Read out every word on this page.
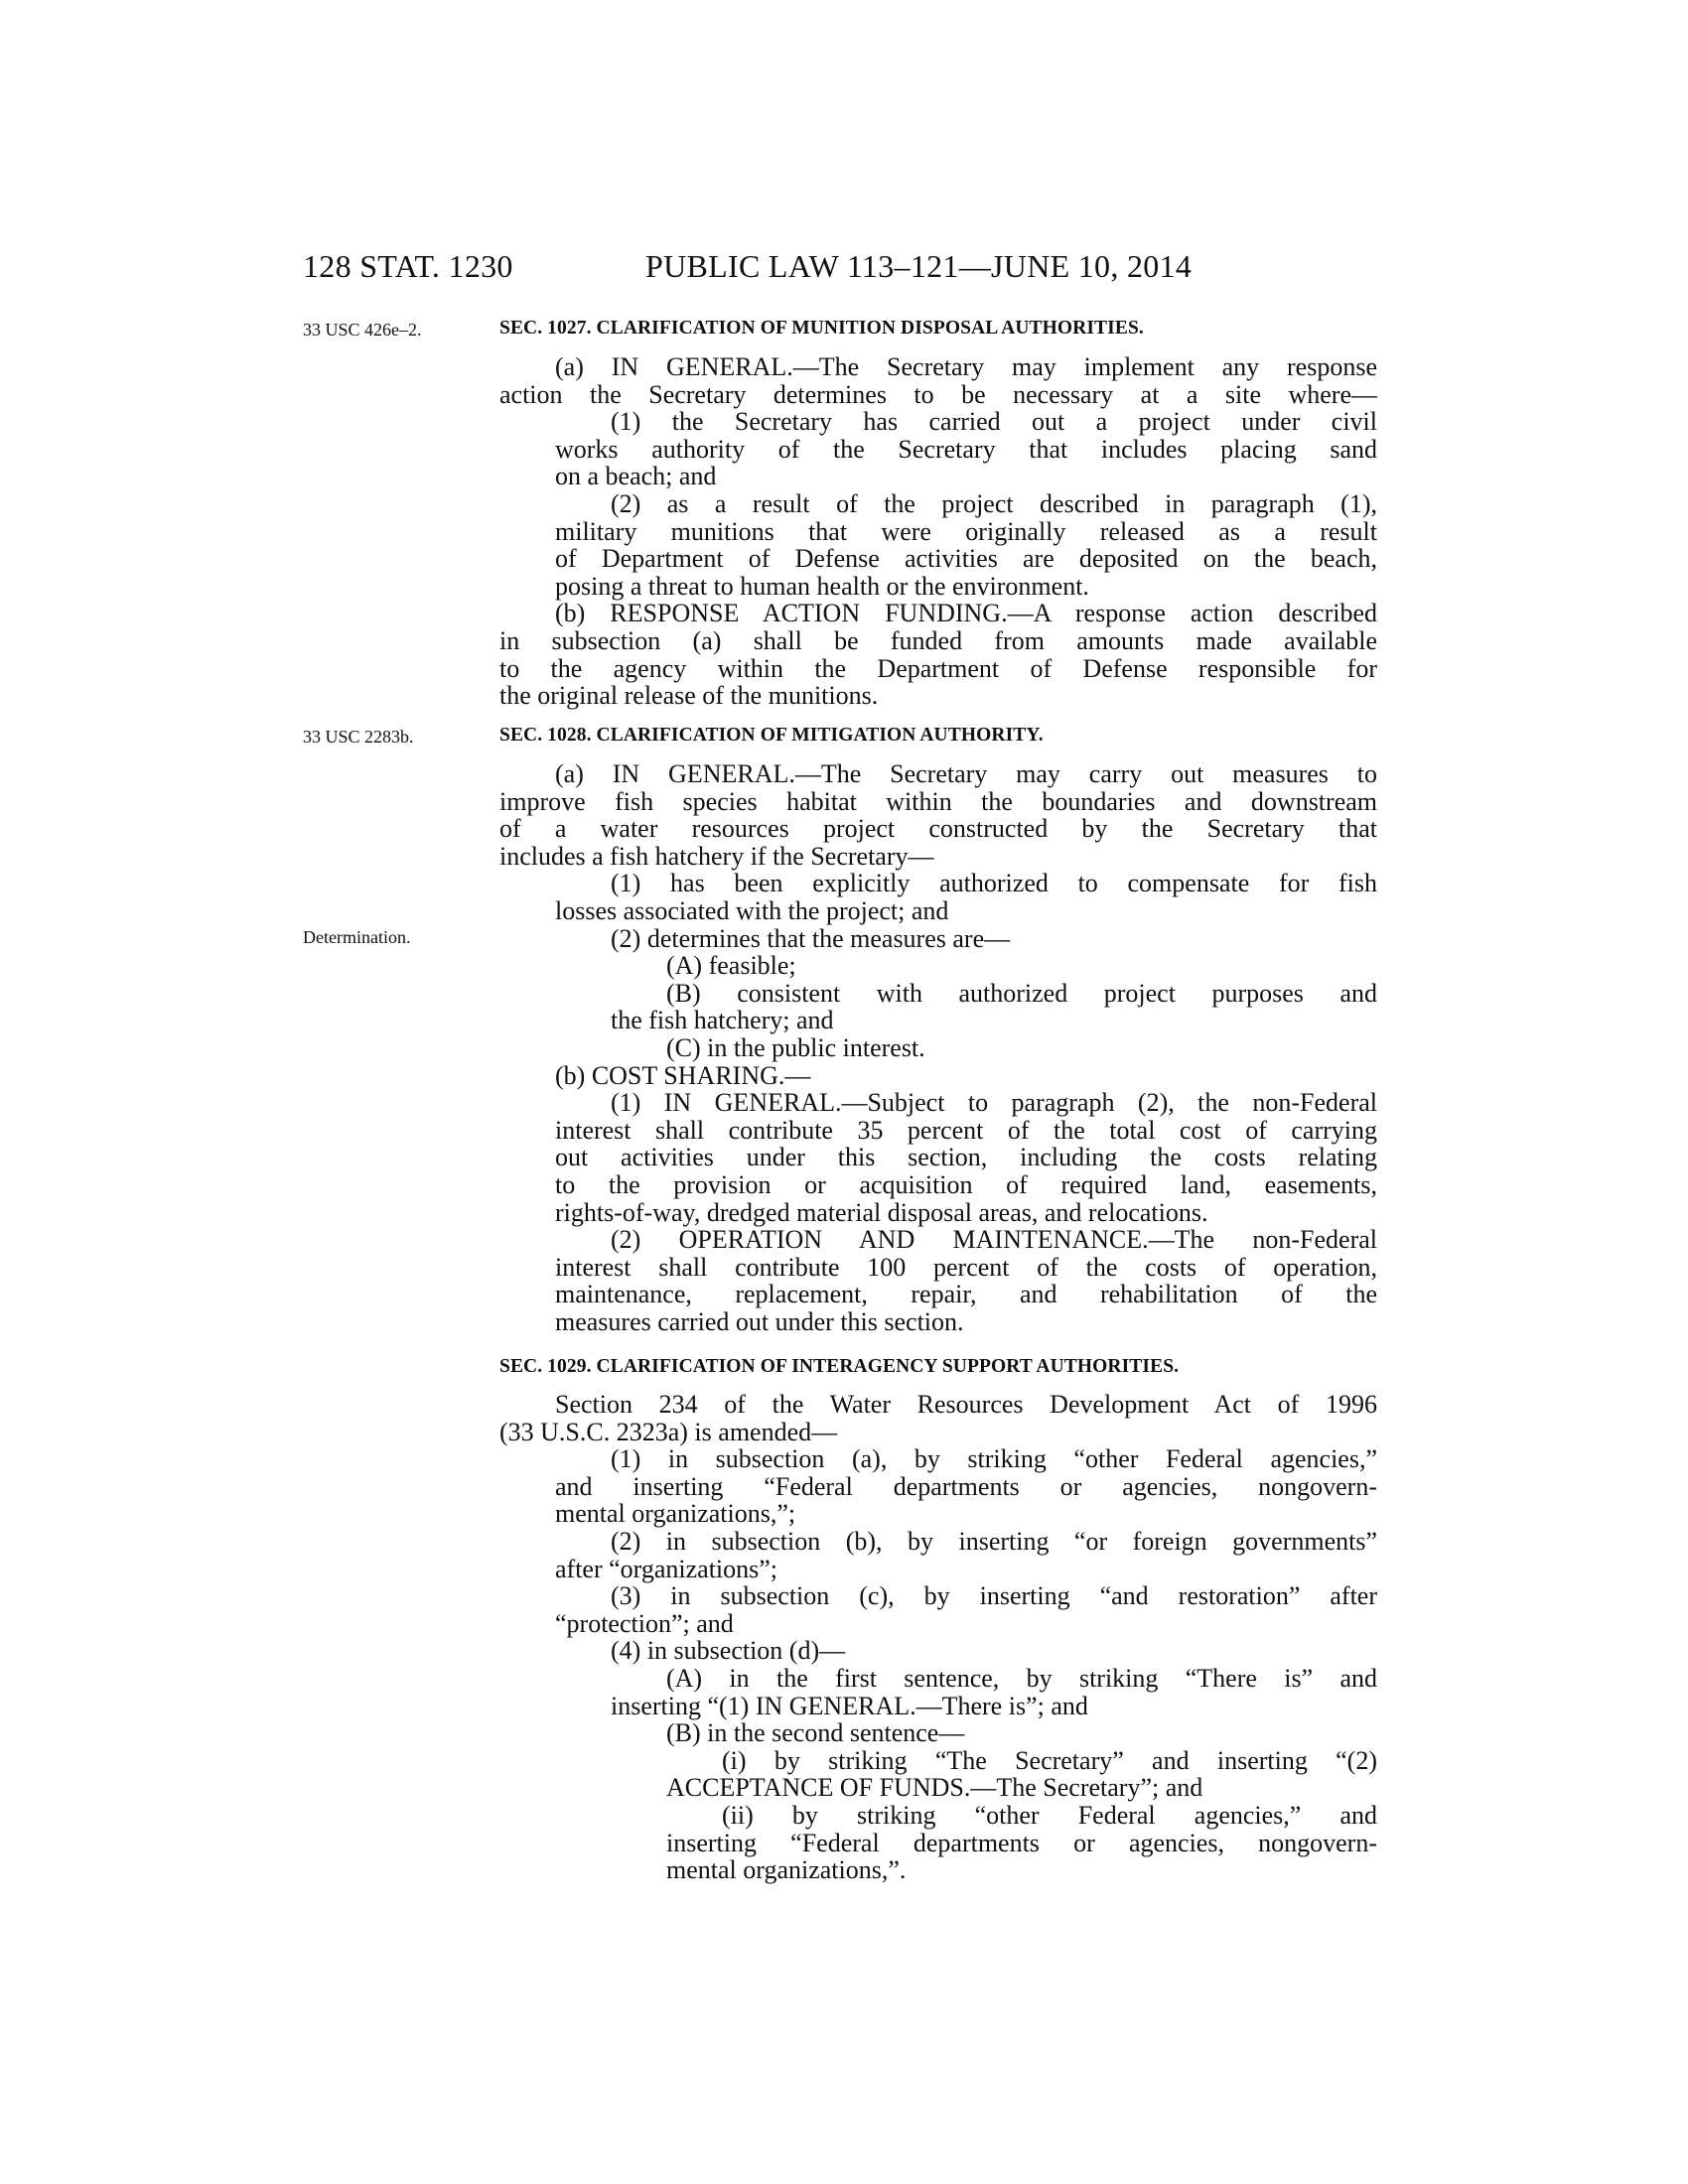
128 STAT. 1230	PUBLIC LAW 113–121—JUNE 10, 2014
33 USC 426e–2.	SEC. 1027. CLARIFICATION OF MUNITION DISPOSAL AUTHORITIES.
(a) IN GENERAL.—The Secretary may implement any response
action the Secretary determines to be necessary at a site where—
(1) the Secretary has carried out a project under civil
works authority of the Secretary that includes placing sand
on a beach; and
(2) as a result of the project described in paragraph (1),
military munitions that were originally released as a result
of Department of Defense activities are deposited on the beach,
posing a threat to human health or the environment.
(b) RESPONSE ACTION FUNDING.—A response action described
in subsection (a) shall be funded from amounts made available
to the agency within the Department of Defense responsible for
the original release of the munitions.
33 USC 2283b.	SEC. 1028. CLARIFICATION OF MITIGATION AUTHORITY.
Determination.
(a) IN GENERAL.—The Secretary may carry out measures to
improve fish species habitat within the boundaries and downstream
of a water resources project constructed by the Secretary that
includes a fish hatchery if the Secretary—
(1) has been explicitly authorized to compensate for fish
losses associated with the project; and
(2) determines that the measures are—
(A) feasible;
(B) consistent with authorized project purposes and
the fish hatchery; and
(C) in the public interest.
(b) COST SHARING.—
(1) IN GENERAL.—Subject to paragraph (2), the non-Federal
interest shall contribute 35 percent of the total cost of carrying
out activities under this section, including the costs relating
to the provision or acquisition of required land, easements,
rights-of-way, dredged material disposal areas, and relocations.
(2) OPERATION AND MAINTENANCE.—The non-Federal
interest shall contribute 100 percent of the costs of operation,
maintenance, replacement, repair, and rehabilitation of the
measures carried out under this section.
SEC. 1029. CLARIFICATION OF INTERAGENCY SUPPORT AUTHORITIES.
Section 234 of the Water Resources Development Act of 1996
(33 U.S.C. 2323a) is amended—
(1) in subsection (a), by striking “other Federal agencies,”
and inserting “Federal departments or agencies, nongovern-
mental organizations,”;
(2) in subsection (b), by inserting “or foreign governments”
after “organizations”;
(3) in subsection (c), by inserting “and restoration” after
“protection”; and
(4) in subsection (d)—
(A) in the first sentence, by striking “There is” and
inserting “(1) IN GENERAL.—There is”; and
(B) in the second sentence—
(i) by striking “The Secretary” and inserting “(2)
ACCEPTANCE OF FUNDS.—The Secretary”; and
(ii) by striking “other Federal agencies,” and
inserting “Federal departments or agencies, nongovern-
mental organizations,”.
